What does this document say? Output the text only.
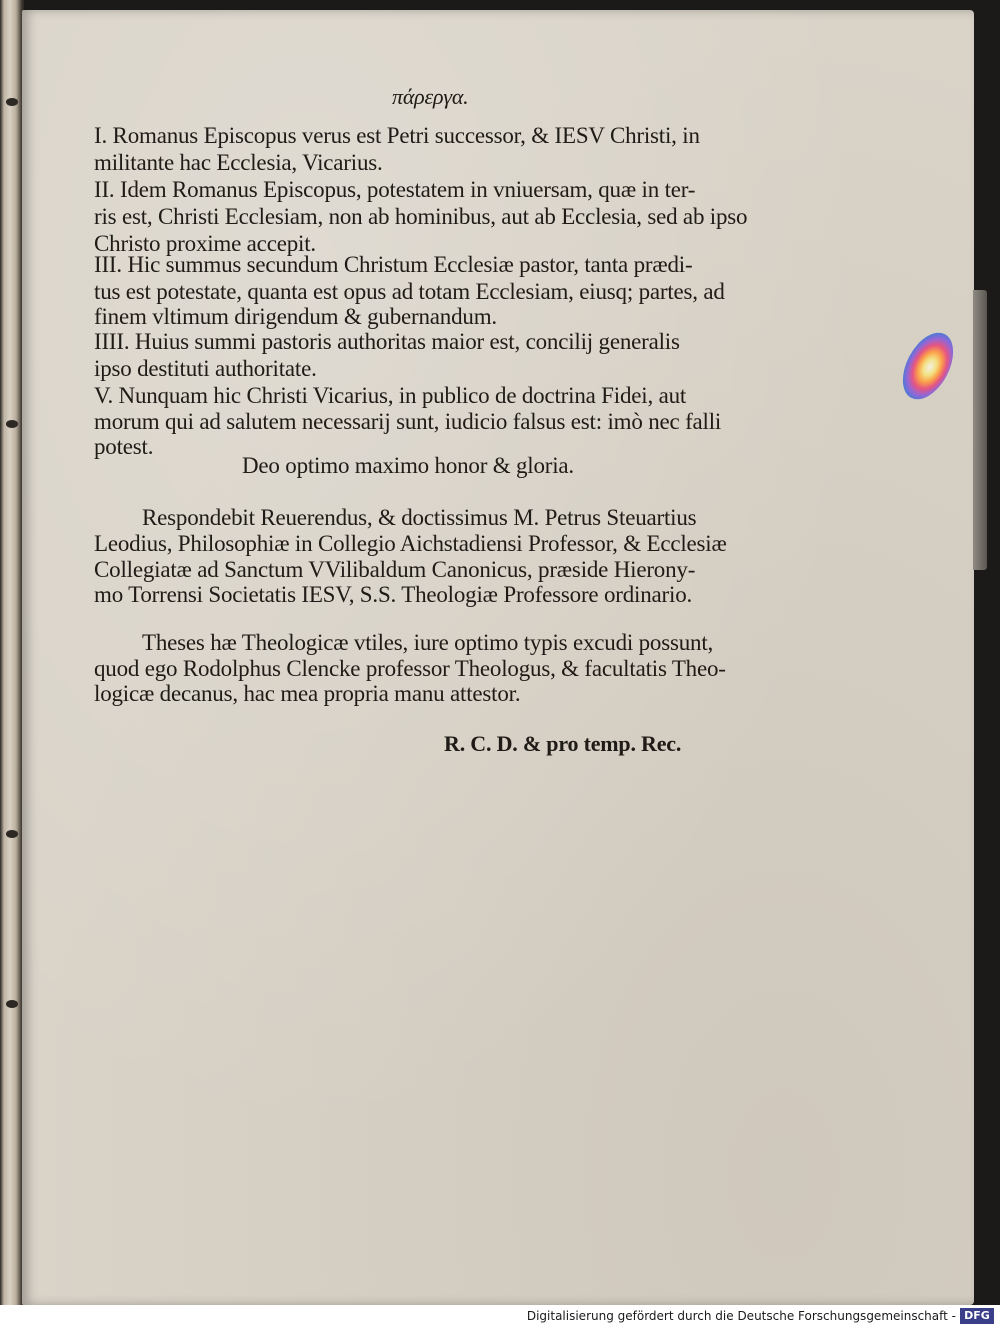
πάρεργα.
I. Romanus Episcopus verus est Petri successor, & IESV Christi, in
militante hac Ecclesia, Vicarius.
II. Idem Romanus Episcopus, potestatem in vniuersam, quæ in ter-
ris est, Christi Ecclesiam, non ab hominibus, aut ab Ecclesia, sed ab ipso
Christo proxime accepit.
III. Hic summus secundum Christum Ecclesiæ pastor, tanta prædi-
tus est potestate, quanta est opus ad totam Ecclesiam, eiusq; partes, ad
finem vltimum dirigendum & gubernandum.
IIII. Huius summi pastoris authoritas maior est, concilij generalis
ipso destituti authoritate.
V. Nunquam hic Christi Vicarius, in publico de doctrina Fidei, aut
morum qui ad salutem necessarij sunt, iudicio falsus est: imò nec falli
potest.
Deo optimo maximo honor & gloria.
Respondebit Reuerendus, & doctissimus M. Petrus Steuartius
Leodius, Philosophiæ in Collegio Aichstadiensi Professor, & Ecclesiæ
Collegiatæ ad Sanctum VVilibaldum Canonicus, præside Hierony-
mo Torrensi Societatis IESV, S.S. Theologiæ Professore ordinario.
Theses hæ Theologicæ vtiles, iure optimo typis excudi possunt,
quod ego Rodolphus Clencke professor Theologus, & facultatis Theo-
logicæ decanus, hac mea propria manu attestor.
R. C. D. & pro temp. Rec.
Digitalisierung gefördert durch die Deutsche Forschungsgemeinschaft - DFG
